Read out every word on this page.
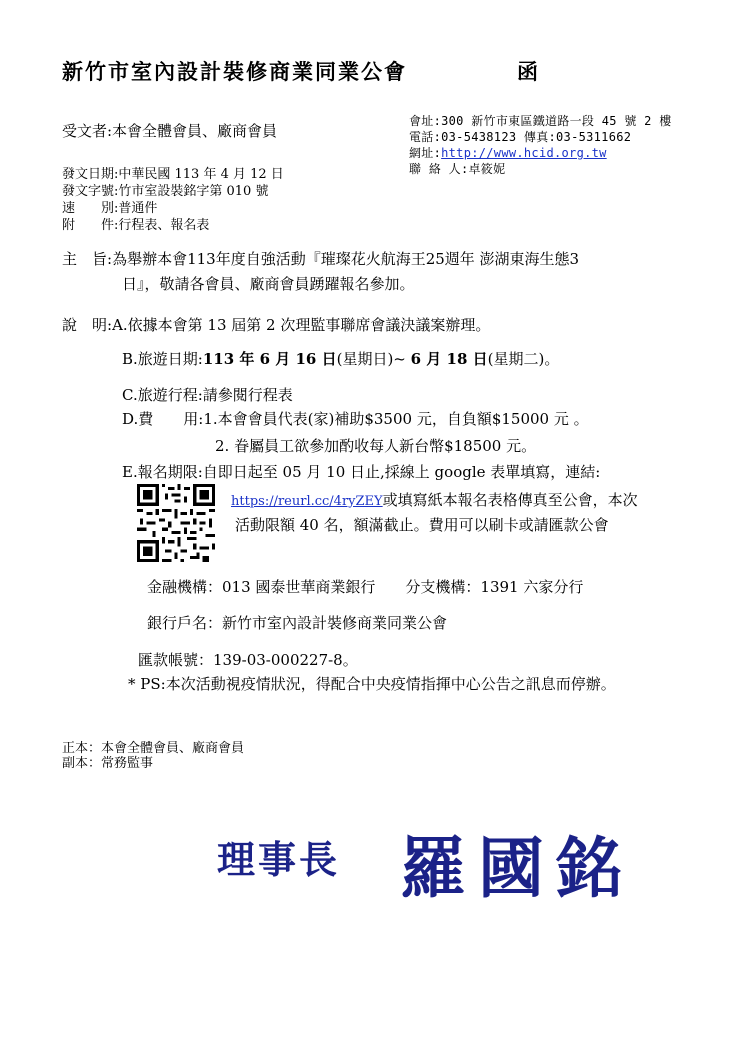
新竹市室內設計裝修商業同業公會	函
受文者:本會全體會員、廠商會員
會址:300 新竹市東區鐵道路一段 45 號 2 樓
電話:03-5438123 傳真:03-5311662
網址:http://www.hcid.org.tw
聯 絡 人:卓筱妮
發文日期:中華民國 113 年 4 月 12 日
發文字號:竹市室設裝銘字第 010 號
速　　別:普通件
附　　件:行程表、報名表
主　旨:為舉辦本會113年度自強活動『璀璨花火航海王25週年 澎湖東海生態3
日』，敬請各會員、廠商會員踴躍報名參加。
說　明:A.依據本會第 13 屆第 2 次理監事聯席會議決議案辦理。
B.旅遊日期:113 年 6 月 16 日(星期日)~ 6 月 18 日(星期二)。
C.旅遊行程:請參閱行程表
D.費　　用:1.本會會員代表(家)補助$3500 元，自負額$15000 元 。
2. 眷屬員工欲參加酌收每人新台幣$18500 元。
E.報名期限:自即日起至 05 月 10 日止,採線上 google 表單填寫，連結:
https://reurl.cc/4ryZEY或填寫紙本報名表格傳真至公會，本次
活動限額 40 名，額滿截止。費用可以刷卡或請匯款公會
金融機構：013 國泰世華商業銀行　　分支機構：1391 六家分行
銀行戶名：新竹市室內設計裝修商業同業公會
匯款帳號：139-03-000227-8。
* PS:本次活動視疫情狀況，得配合中央疫情指揮中心公告之訊息而停辦。
正本：本會全體會員、廠商會員
副本：常務監事
理事長 羅國銘
